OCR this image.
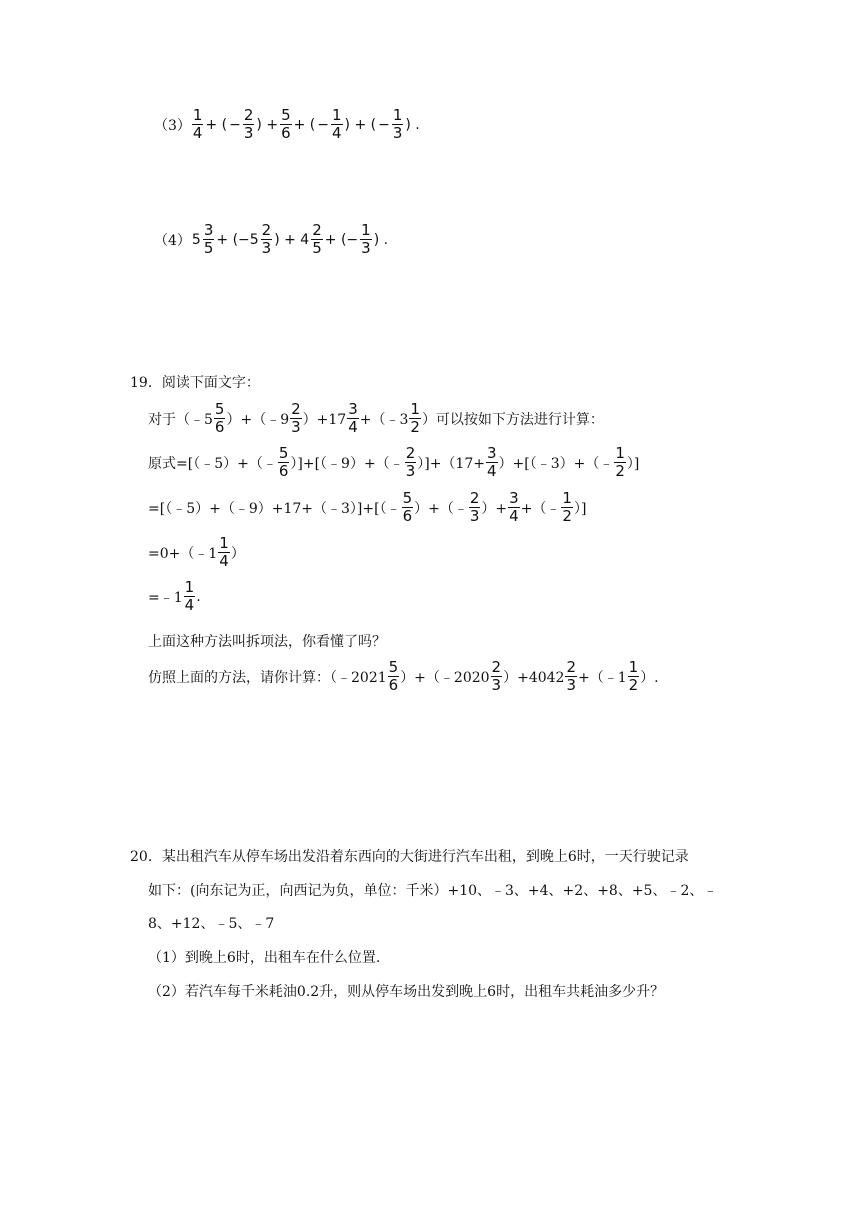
$(3) \frac{1}{4}$ + ( − $\frac{2}{3}$ ) + $\frac{5}{6}$ + ( − $\frac{1}{4}$ ) + ( − $\frac{1}{3}$ ) .
（4） $5 \frac{3}{5} + (-5 \frac{2}{3}$ ) + $4 \frac{2}{5}$ + (− $\frac{1}{3}$ ) .
19．阅读下面文字：
对于（﹣5 $\frac{5}{6}$ ）+（﹣9 $\frac{2}{3} )+17 \frac{3}{4}$ +（﹣3 $\frac{1}{2}$ ）可以按如下方法进行计算：
原式=[（﹣5）+（﹣ $\frac{5}{6}$ ）]+[（﹣9）+（﹣ $\frac{2}{3} )]+(17+ \frac{3}{4}$ ）+[（﹣3）+（﹣ $\frac{1}{2}$ ）]
=[（﹣5）+（﹣9）+17+（﹣3）]+[（﹣ $\frac{5}{6}$ ）+（﹣ $\frac{2}{3}$ ）+ $\frac{3}{4}$ +（﹣ $\frac{1}{2}$ ）]
=0+（﹣1 $\frac{1}{4}$ ）
=﹣1 $\frac{1}{4}$ .
上面这种方法叫拆项法，你看懂了吗？
仿照上面的方法，请你计算：（﹣2021 $\frac{5}{6}$ ）+（﹣2020 $\frac{2}{3} )+4042 \frac{2}{3}$ +（﹣1 $\frac{1}{2}$ ）.
20．某出租汽车从停车场出发沿着东西向的大街进行汽车出租，到晚上6时，一天行驶记录
如下：(向东记为正，向西记为负，单位：千米）+10、﹣3、+4、+2、+8、+5、﹣2、﹣
8、+12、﹣5、﹣7
（1）到晚上6时，出租车在什么位置.
（2）若汽车每千米耗油0.2升，则从停车场出发到晚上6时，出租车共耗油多少升？
